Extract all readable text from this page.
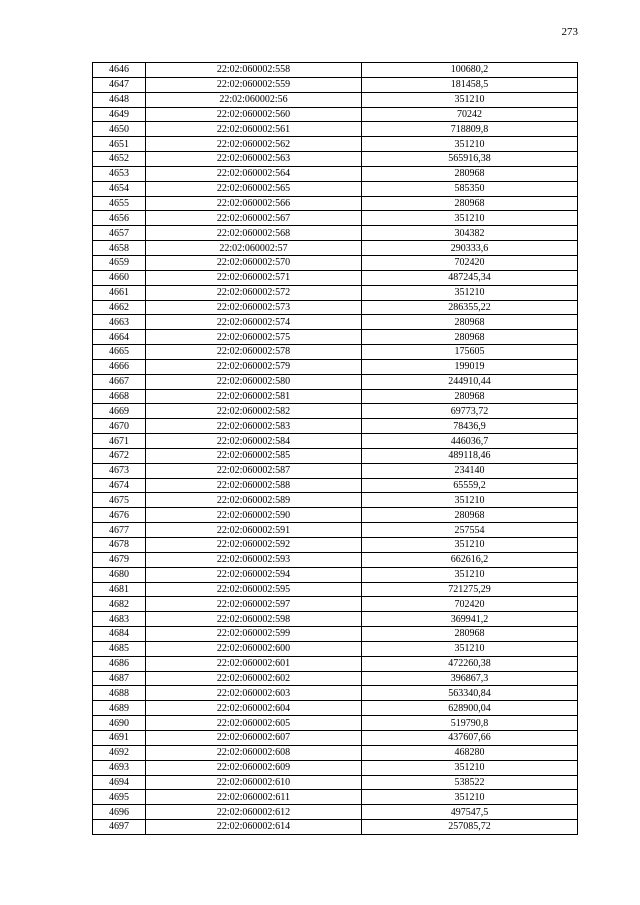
273
4646	22:02:060002:558	100680,2
4647	22:02:060002:559	181458,5
4648	22:02:060002:56	351210
4649	22:02:060002:560	70242
4650	22:02:060002:561	718809,8
4651	22:02:060002:562	351210
4652	22:02:060002:563	565916,38
4653	22:02:060002:564	280968
4654	22:02:060002:565	585350
4655	22:02:060002:566	280968
4656	22:02:060002:567	351210
4657	22:02:060002:568	304382
4658	22:02:060002:57	290333,6
4659	22:02:060002:570	702420
4660	22:02:060002:571	487245,34
4661	22:02:060002:572	351210
4662	22:02:060002:573	286355,22
4663	22:02:060002:574	280968
4664	22:02:060002:575	280968
4665	22:02:060002:578	175605
4666	22:02:060002:579	199019
4667	22:02:060002:580	244910,44
4668	22:02:060002:581	280968
4669	22:02:060002:582	69773,72
4670	22:02:060002:583	78436,9
4671	22:02:060002:584	446036,7
4672	22:02:060002:585	489118,46
4673	22:02:060002:587	234140
4674	22:02:060002:588	65559,2
4675	22:02:060002:589	351210
4676	22:02:060002:590	280968
4677	22:02:060002:591	257554
4678	22:02:060002:592	351210
4679	22:02:060002:593	662616,2
4680	22:02:060002:594	351210
4681	22:02:060002:595	721275,29
4682	22:02:060002:597	702420
4683	22:02:060002:598	369941,2
4684	22:02:060002:599	280968
4685	22:02:060002:600	351210
4686	22:02:060002:601	472260,38
4687	22:02:060002:602	396867,3
4688	22:02:060002:603	563340,84
4689	22:02:060002:604	628900,04
4690	22:02:060002:605	519790,8
4691	22:02:060002:607	437607,66
4692	22:02:060002:608	468280
4693	22:02:060002:609	351210
4694	22:02:060002:610	538522
4695	22:02:060002:611	351210
4696	22:02:060002:612	497547,5
4697	22:02:060002:614	257085,72
